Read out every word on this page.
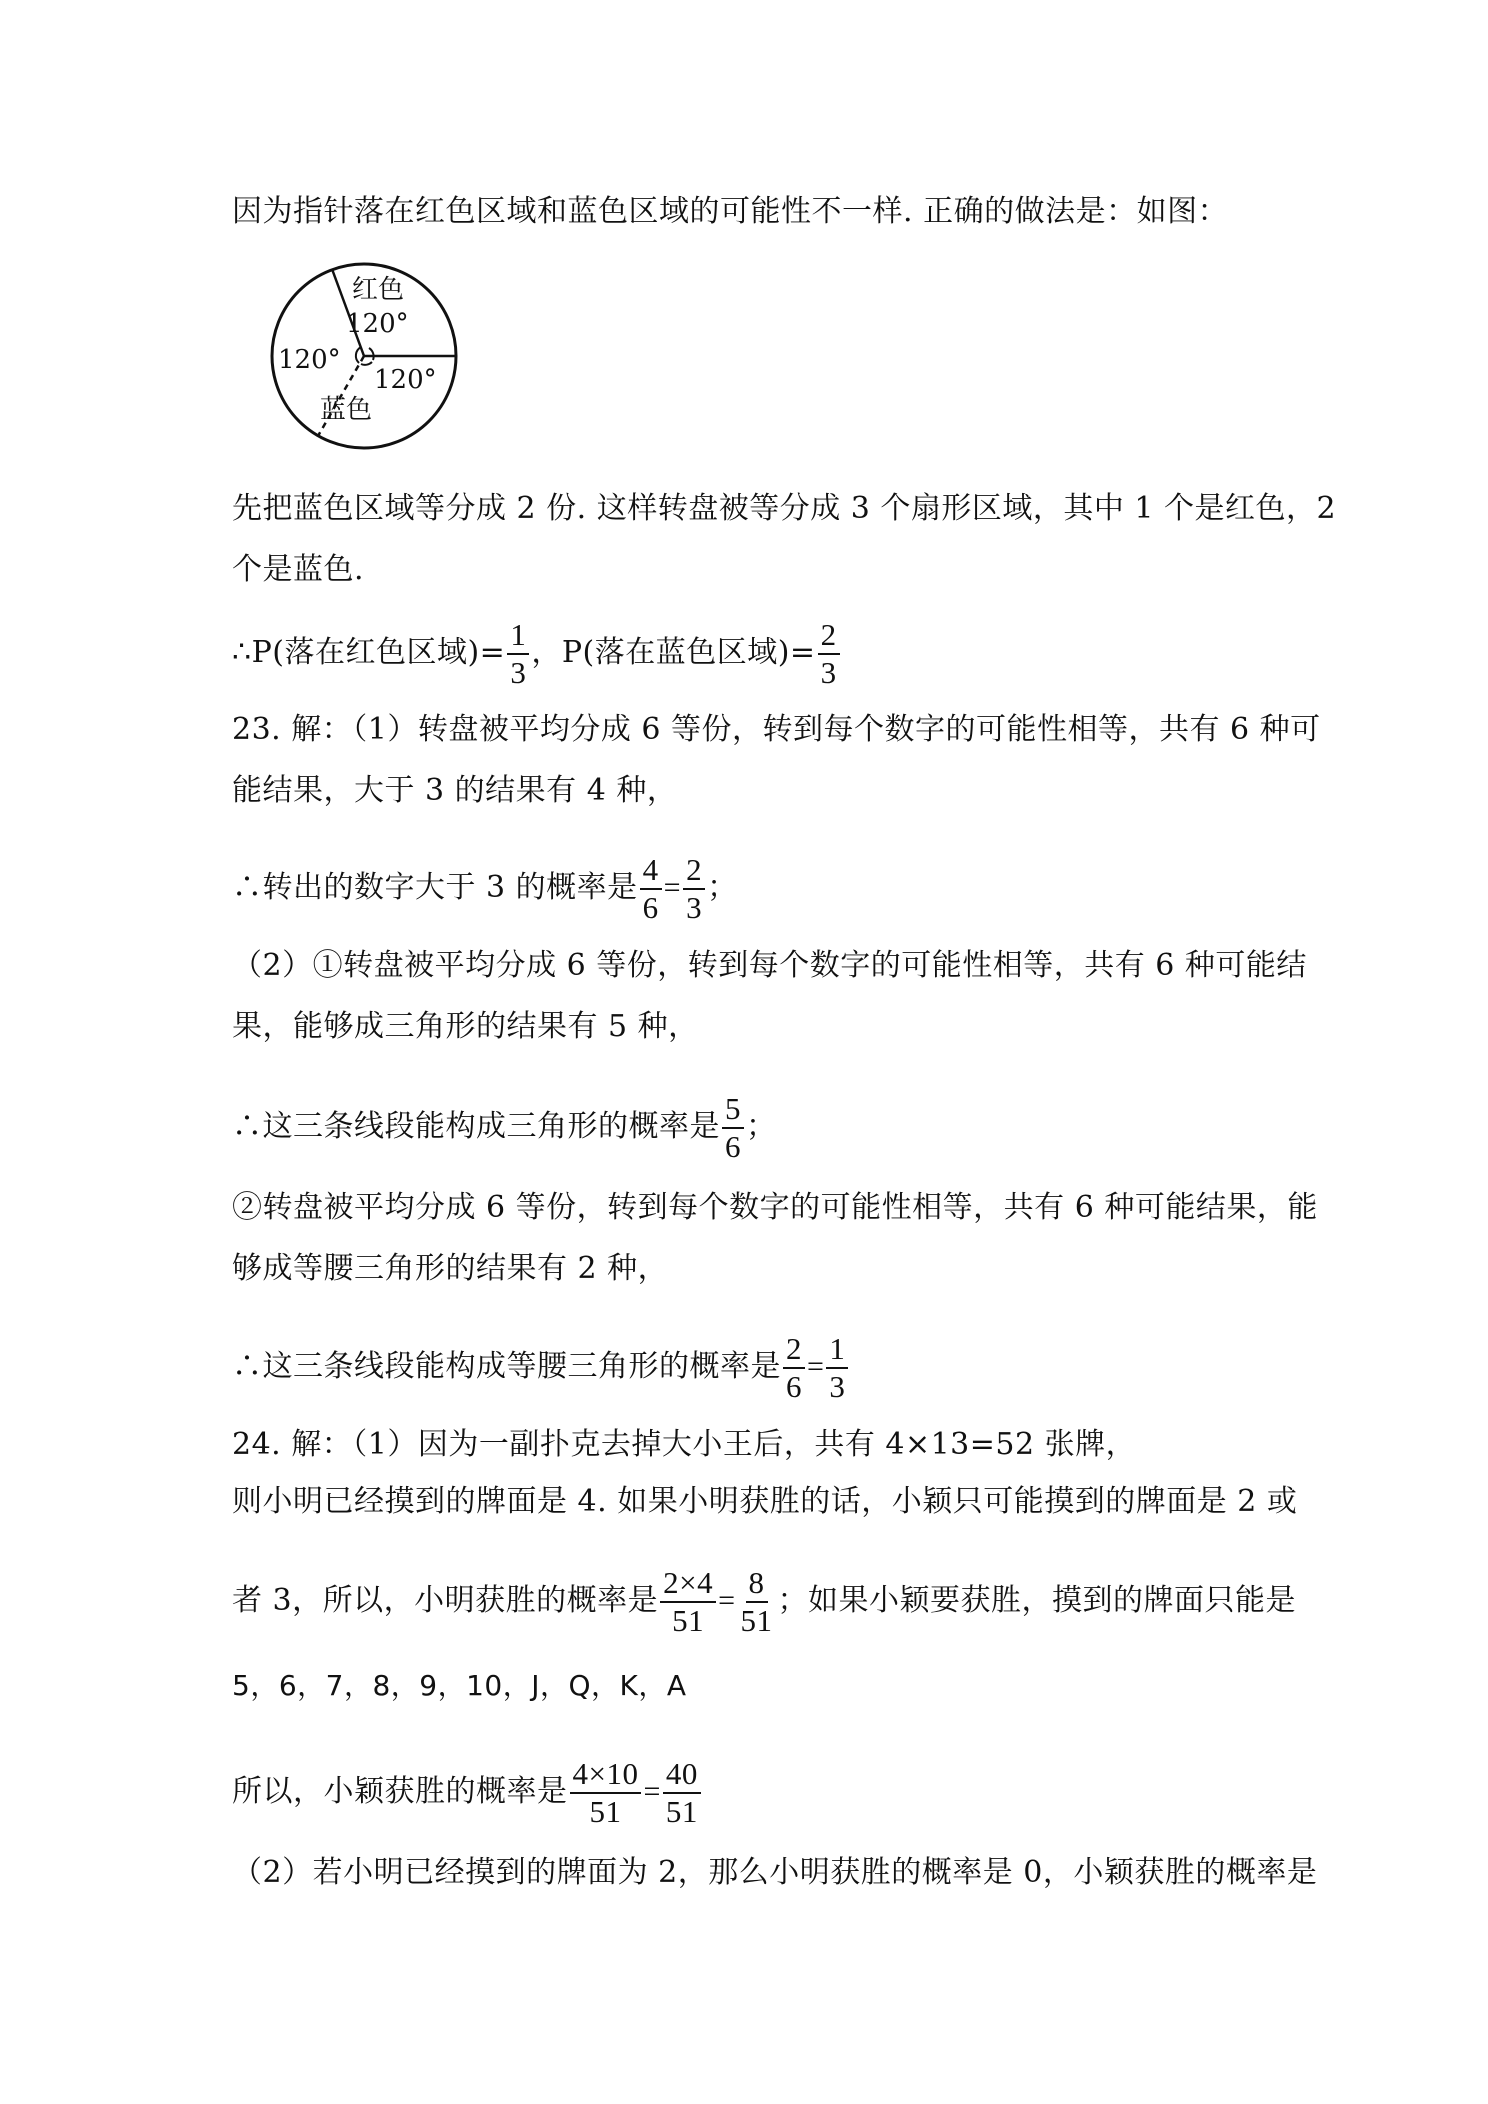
因为指针落在红色区域和蓝色区域的可能性不一样. 正确的做法是：如图：
红色
120°
120°
120°
蓝色
先把蓝色区域等分成 2 份. 这样转盘被等分成 3 个扇形区域，其中 1 个是红色，2
个是蓝色.
∴P(落在红色区域)= $\frac{1}{3}$ ，P(落在蓝色区域)= $\frac{2}{3}$
23. 解：（1）转盘被平均分成 6 等份，转到每个数字的可能性相等，共有 6 种可
能结果，大于 3 的结果有 4 种，
∴转出的数字大于 3 的概率是 $\frac{4}{6} = \frac{2}{3}$ ；
（2）①转盘被平均分成 6 等份，转到每个数字的可能性相等，共有 6 种可能结
果，能够成三角形的结果有 5 种，
∴这三条线段能构成三角形的概率是 $\frac{5}{6}$ ；
②转盘被平均分成 6 等份，转到每个数字的可能性相等，共有 6 种可能结果，能
够成等腰三角形的结果有 2 种，
∴这三条线段能构成等腰三角形的概率是 $\frac{2}{6} = \frac{1}{3}$
24. 解：（1）因为一副扑克去掉大小王后，共有 4×13=52 张牌，
则小明已经摸到的牌面是 4. 如果小明获胜的话，小颖只可能摸到的牌面是 2 或
者 3，所以，小明获胜的概率是 $\frac{2\times 4}{51} = \frac{8}{51}$ ；如果小颖要获胜，摸到的牌面只能是
5，6，7，8，9，10，J，Q，K，A
所以，小颖获胜的概率是 $\frac{4\times 10}{51} = \frac{40}{51}$
（2）若小明已经摸到的牌面为 2，那么小明获胜的概率是 0，小颖获胜的概率是
